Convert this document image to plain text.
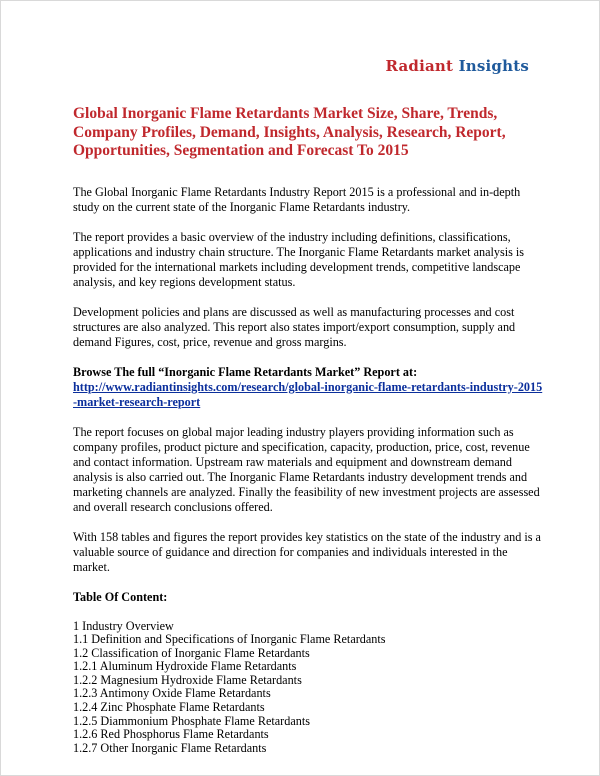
Radiant Insights
Global Inorganic Flame Retardants Market Size, Share, Trends, Company Profiles, Demand, Insights, Analysis, Research, Report, Opportunities, Segmentation and Forecast To 2015

The Global Inorganic Flame Retardants Industry Report 2015 is a professional and in-depth study on the current state of the Inorganic Flame Retardants industry.

The report provides a basic overview of the industry including definitions, classifications, applications and industry chain structure. The Inorganic Flame Retardants market analysis is provided for the international markets including development trends, competitive landscape analysis, and key regions development status.

Development policies and plans are discussed as well as manufacturing processes and cost structures are also analyzed. This report also states import/export consumption, supply and demand Figures, cost, price, revenue and gross margins.

Browse The full “Inorganic Flame Retardants Market” Report at:
http://www.radiantinsights.com/research/global-inorganic-flame-retardants-industry-2015-market-research-report

The report focuses on global major leading industry players providing information such as company profiles, product picture and specification, capacity, production, price, cost, revenue and contact information. Upstream raw materials and equipment and downstream demand analysis is also carried out. The Inorganic Flame Retardants industry development trends and marketing channels are analyzed. Finally the feasibility of new investment projects are assessed and overall research conclusions offered.

With 158 tables and figures the report provides key statistics on the state of the industry and is a valuable source of guidance and direction for companies and individuals interested in the market.

Table Of Content:
1 Industry Overview
1.1 Definition and Specifications of Inorganic Flame Retardants
1.2 Classification of Inorganic Flame Retardants
1.2.1 Aluminum Hydroxide Flame Retardants
1.2.2 Magnesium Hydroxide Flame Retardants
1.2.3 Antimony Oxide Flame Retardants
1.2.4 Zinc Phosphate Flame Retardants
1.2.5 Diammonium Phosphate Flame Retardants
1.2.6 Red Phosphorus Flame Retardants
1.2.7 Other Inorganic Flame Retardants
